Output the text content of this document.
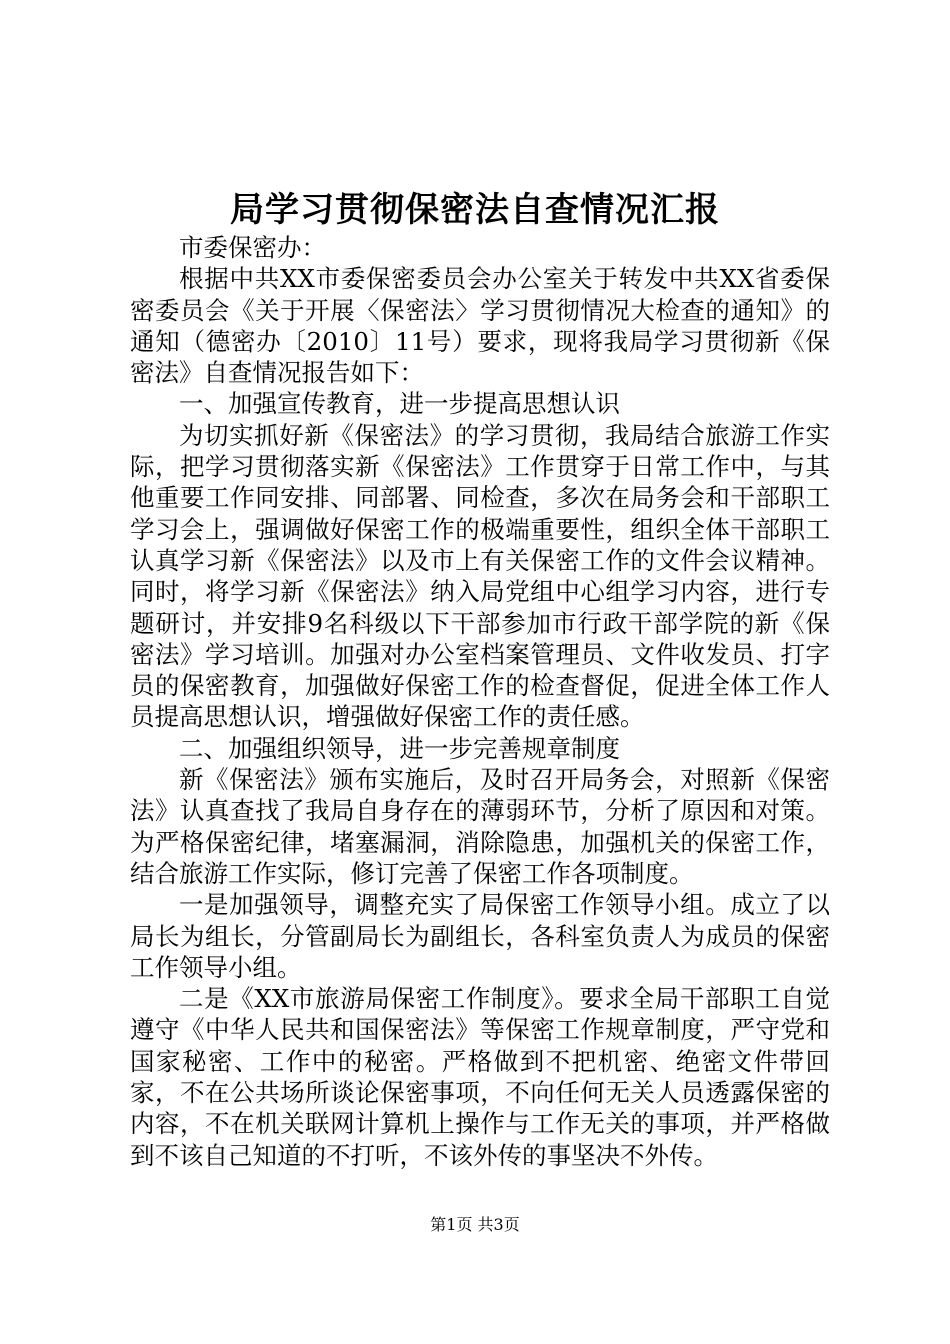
局学习贯彻保密法自查情况汇报

市委保密办：

根据中共XX市委保密委员会办公室关于转发中共XX省委保密委员会《关于开展〈保密法〉学习贯彻情况大检查的通知》的通知（德密办〔2010〕11号）要求，现将我局学习贯彻新《保密法》自查情况报告如下：

一、加强宣传教育，进一步提高思想认识

为切实抓好新《保密法》的学习贯彻，我局结合旅游工作实际，把学习贯彻落实新《保密法》工作贯穿于日常工作中，与其他重要工作同安排、同部署、同检查，多次在局务会和干部职工学习会上，强调做好保密工作的极端重要性，组织全体干部职工认真学习新《保密法》以及市上有关保密工作的文件会议精神。同时，将学习新《保密法》纳入局党组中心组学习内容，进行专题研讨，并安排9名科级以下干部参加市行政干部学院的新《保密法》学习培训。加强对办公室档案管理员、文件收发员、打字员的保密教育，加强做好保密工作的检查督促，促进全体工作人员提高思想认识，增强做好保密工作的责任感。

二、加强组织领导，进一步完善规章制度

新《保密法》颁布实施后，及时召开局务会，对照新《保密法》认真查找了我局自身存在的薄弱环节，分析了原因和对策。为严格保密纪律，堵塞漏洞，消除隐患，加强机关的保密工作，结合旅游工作实际，修订完善了保密工作各项制度。

一是加强领导，调整充实了局保密工作领导小组。成立了以局长为组长，分管副局长为副组长，各科室负责人为成员的保密工作领导小组。

二是《XX市旅游局保密工作制度》。要求全局干部职工自觉遵守《中华人民共和国保密法》等保密工作规章制度，严守党和国家秘密、工作中的秘密。严格做到不把机密、绝密文件带回家，不在公共场所谈论保密事项，不向任何无关人员透露保密的内容，不在机关联网计算机上操作与工作无关的事项，并严格做到不该自己知道的不打听，不该外传的事坚决不外传。

第1页 共3页
